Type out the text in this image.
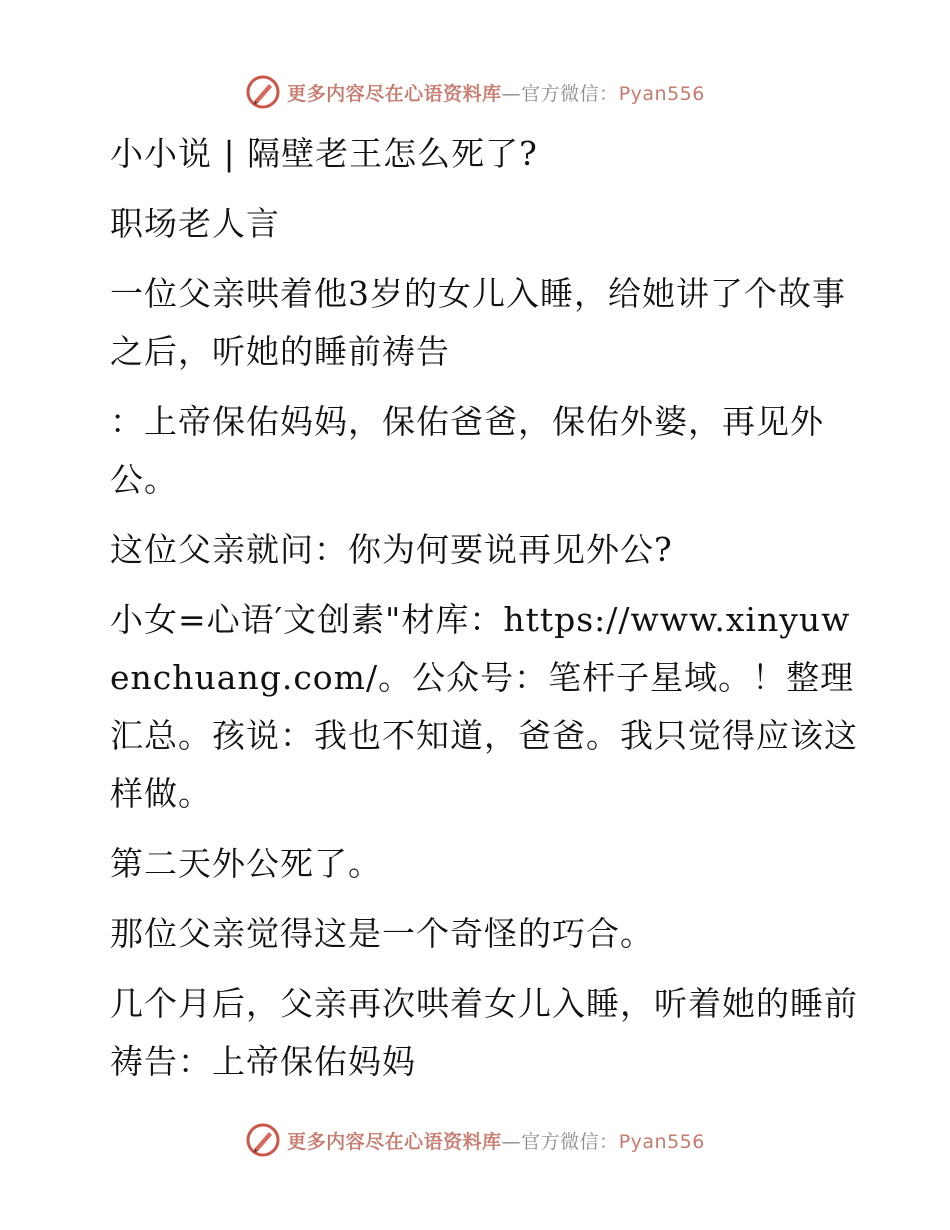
更多内容尽在心语资料库—官方微信：Pyan556

小小说 | 隔壁老王怎么死了?

职场老人言

一位父亲哄着他3岁的女儿入睡，给她讲了个故事之后，听她的睡前祷告

：上帝保佑妈妈，保佑爸爸，保佑外婆，再见外公。

这位父亲就问：你为何要说再见外公?

小女=心语′文创素"材库：https://www.xinyuwenchuang.com/。公众号：笔杆子星域。！整理汇总。孩说：我也不知道，爸爸。我只觉得应该这样做。

第二天外公死了。

那位父亲觉得这是一个奇怪的巧合。

几个月后，父亲再次哄着女儿入睡，听着她的睡前祷告：上帝保佑妈妈

更多内容尽在心语资料库—官方微信：Pyan556
